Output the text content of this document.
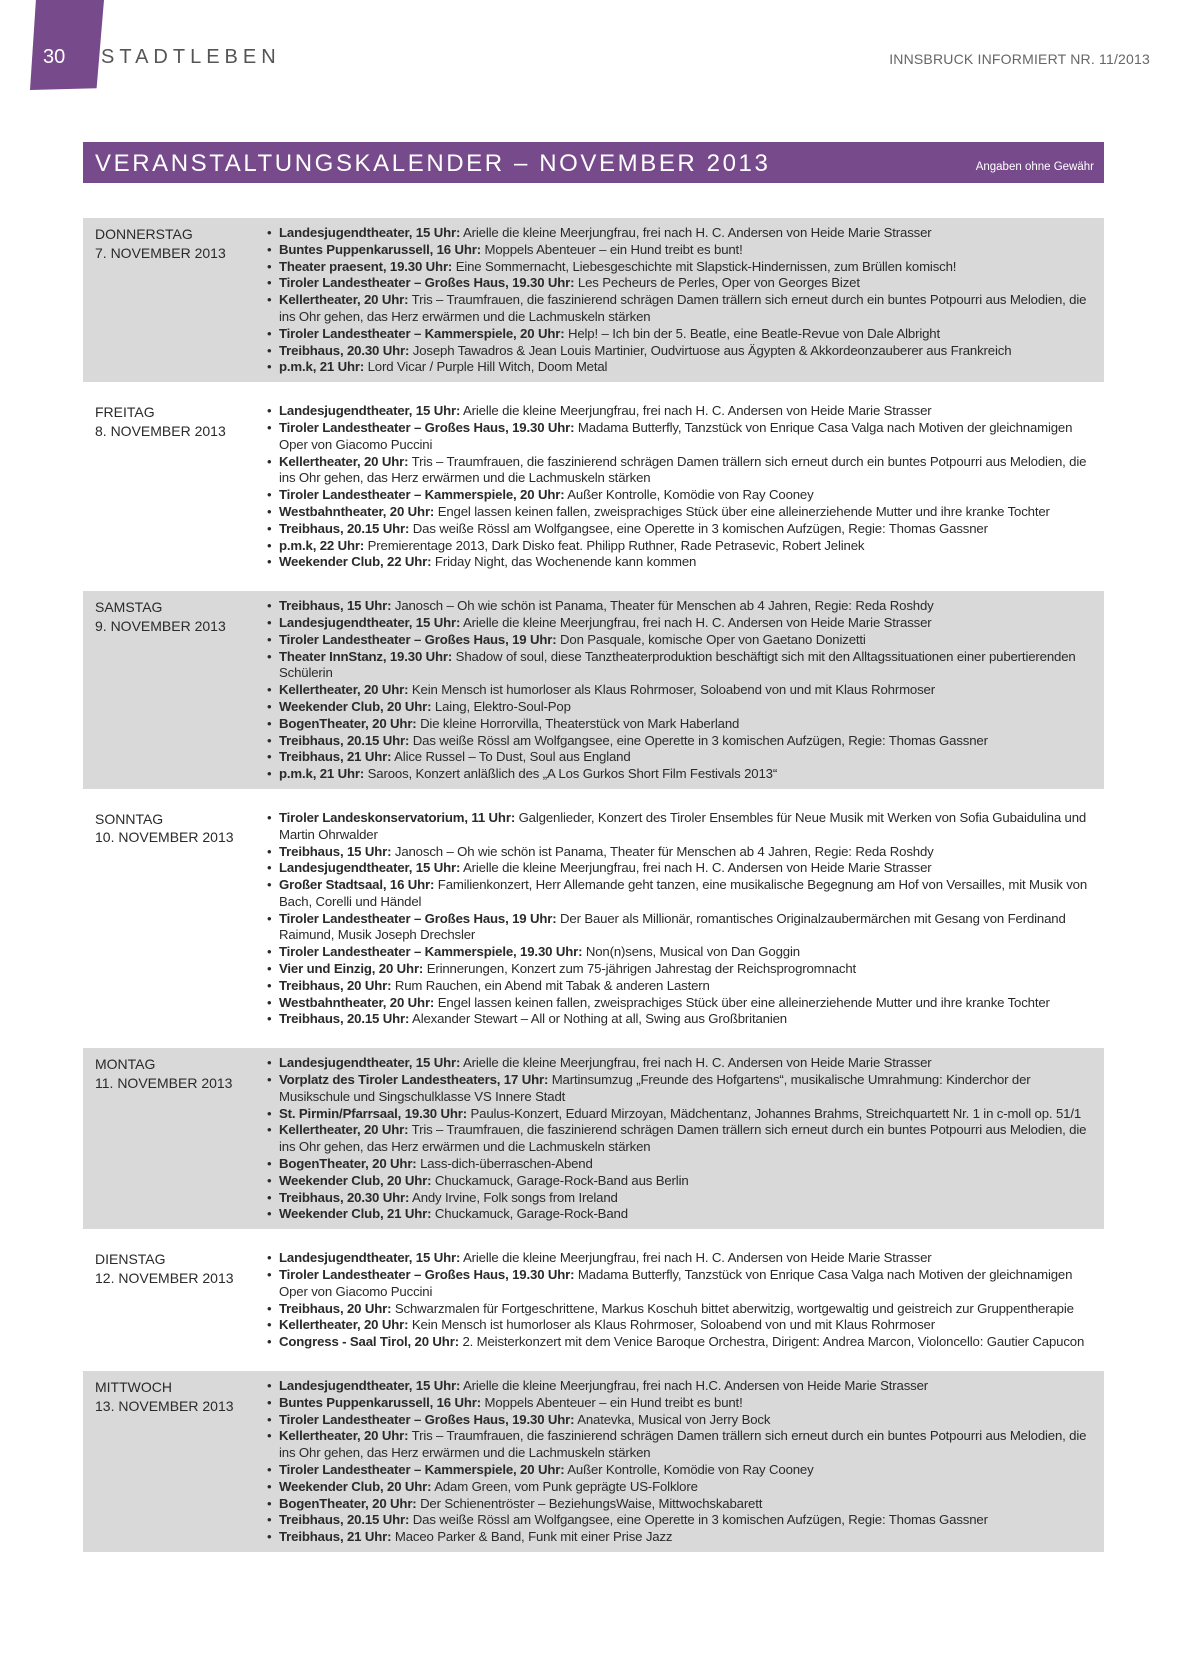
30 STADTLEBEN	INNSBRUCK INFORMIERT NR. 11/2013
VERANSTALTUNGSKALENDER – NOVEMBER 2013	Angaben ohne Gewähr
DONNERSTAG
7. NOVEMBER 2013
• Landesjugendtheater, 15 Uhr: Arielle die kleine Meerjungfrau, frei nach H. C. Andersen von Heide Marie Strasser
• Buntes Puppenkarussell, 16 Uhr: Moppels Abenteuer – ein Hund treibt es bunt!
• Theater praesent, 19.30 Uhr: Eine Sommernacht, Liebesgeschichte mit Slapstick-Hindernissen, zum Brüllen komisch!
• Tiroler Landestheater – Großes Haus, 19.30 Uhr: Les Pecheurs de Perles, Oper von Georges Bizet
• Kellertheater, 20 Uhr: Tris – Traumfrauen, die faszinierend schrägen Damen trällern sich erneut durch ein buntes Potpourri aus Melodien, die ins Ohr gehen, das Herz erwärmen und die Lachmuskeln stärken
• Tiroler Landestheater – Kammerspiele, 20 Uhr: Help! – Ich bin der 5. Beatle, eine Beatle-Revue von Dale Albright
• Treibhaus, 20.30 Uhr: Joseph Tawadros & Jean Louis Martinier, Oudvirtuose aus Ägypten & Akkordeonzauberer aus Frankreich
• p.m.k, 21 Uhr: Lord Vicar / Purple Hill Witch, Doom Metal
FREITAG
8. NOVEMBER 2013
• Landesjugendtheater, 15 Uhr: Arielle die kleine Meerjungfrau, frei nach H. C. Andersen von Heide Marie Strasser
• Tiroler Landestheater – Großes Haus, 19.30 Uhr: Madama Butterfly, Tanzstück von Enrique Casa Valga nach Motiven der gleichnamigen Oper von Giacomo Puccini
• Kellertheater, 20 Uhr: Tris – Traumfrauen, die faszinierend schrägen Damen trällern sich erneut durch ein buntes Potpourri aus Melodien, die ins Ohr gehen, das Herz erwärmen und die Lachmuskeln stärken
• Tiroler Landestheater – Kammerspiele, 20 Uhr: Außer Kontrolle, Komödie von Ray Cooney
• Westbahntheater, 20 Uhr: Engel lassen keinen fallen, zweisprachiges Stück über eine alleinerziehende Mutter und ihre kranke Tochter
• Treibhaus, 20.15 Uhr: Das weiße Rössl am Wolfgangsee, eine Operette in 3 komischen Aufzügen, Regie: Thomas Gassner
• p.m.k, 22 Uhr: Premierentage 2013, Dark Disko feat. Philipp Ruthner, Rade Petrasevic, Robert Jelinek
• Weekender Club, 22 Uhr: Friday Night, das Wochenende kann kommen
SAMSTAG
9. NOVEMBER 2013
• Treibhaus, 15 Uhr: Janosch – Oh wie schön ist Panama, Theater für Menschen ab 4 Jahren, Regie: Reda Roshdy
• Landesjugendtheater, 15 Uhr: Arielle die kleine Meerjungfrau, frei nach H. C. Andersen von Heide Marie Strasser
• Tiroler Landestheater – Großes Haus, 19 Uhr: Don Pasquale, komische Oper von Gaetano Donizetti
• Theater InnStanz, 19.30 Uhr: Shadow of soul, diese Tanztheaterproduktion beschäftigt sich mit den Alltagssituationen einer pubertierenden Schülerin
• Kellertheater, 20 Uhr: Kein Mensch ist humorloser als Klaus Rohrmoser, Soloabend von und mit Klaus Rohrmoser
• Weekender Club, 20 Uhr: Laing, Elektro-Soul-Pop
• BogenTheater, 20 Uhr: Die kleine Horrorvilla, Theaterstück von Mark Haberland
• Treibhaus, 20.15 Uhr: Das weiße Rössl am Wolfgangsee, eine Operette in 3 komischen Aufzügen, Regie: Thomas Gassner
• Treibhaus, 21 Uhr: Alice Russel – To Dust, Soul aus England
• p.m.k, 21 Uhr: Saroos, Konzert anläßlich des „A Los Gurkos Short Film Festivals 2013“
SONNTAG
10. NOVEMBER 2013
• Tiroler Landeskonservatorium, 11 Uhr: Galgenlieder, Konzert des Tiroler Ensembles für Neue Musik mit Werken von Sofia Gubaidulina und Martin Ohrwalder
• Treibhaus, 15 Uhr: Janosch – Oh wie schön ist Panama, Theater für Menschen ab 4 Jahren, Regie: Reda Roshdy
• Landesjugendtheater, 15 Uhr: Arielle die kleine Meerjungfrau, frei nach H. C. Andersen von Heide Marie Strasser
• Großer Stadtsaal, 16 Uhr: Familienkonzert, Herr Allemande geht tanzen, eine musikalische Begegnung am Hof von Versailles, mit Musik von Bach, Corelli und Händel
• Tiroler Landestheater – Großes Haus, 19 Uhr: Der Bauer als Millionär, romantisches Originalzaubermärchen mit Gesang von Ferdinand Raimund, Musik Joseph Drechsler
• Tiroler Landestheater – Kammerspiele, 19.30 Uhr: Non(n)sens, Musical von Dan Goggin
• Vier und Einzig, 20 Uhr: Erinnerungen, Konzert zum 75-jährigen Jahrestag der Reichsprogromnacht
• Treibhaus, 20 Uhr: Rum Rauchen, ein Abend mit Tabak & anderen Lastern
• Westbahntheater, 20 Uhr: Engel lassen keinen fallen, zweisprachiges Stück über eine alleinerziehende Mutter und ihre kranke Tochter
• Treibhaus, 20.15 Uhr: Alexander Stewart – All or Nothing at all, Swing aus Großbritanien
MONTAG
11. NOVEMBER 2013
• Landesjugendtheater, 15 Uhr: Arielle die kleine Meerjungfrau, frei nach H. C. Andersen von Heide Marie Strasser
• Vorplatz des Tiroler Landestheaters, 17 Uhr: Martinsumzug „Freunde des Hofgartens“, musikalische Umrahmung: Kinderchor der Musikschule und Singschulklasse VS Innere Stadt
• St. Pirmin/Pfarrsaal, 19.30 Uhr: Paulus-Konzert, Eduard Mirzoyan, Mädchentanz, Johannes Brahms, Streichquartett Nr. 1 in c-moll op. 51/1
• Kellertheater, 20 Uhr: Tris – Traumfrauen, die faszinierend schrägen Damen trällern sich erneut durch ein buntes Potpourri aus Melodien, die ins Ohr gehen, das Herz erwärmen und die Lachmuskeln stärken
• BogenTheater, 20 Uhr: Lass-dich-überraschen-Abend
• Weekender Club, 20 Uhr: Chuckamuck, Garage-Rock-Band aus Berlin
• Treibhaus, 20.30 Uhr: Andy Irvine, Folk songs from Ireland
• Weekender Club, 21 Uhr: Chuckamuck, Garage-Rock-Band
DIENSTAG
12. NOVEMBER 2013
• Landesjugendtheater, 15 Uhr: Arielle die kleine Meerjungfrau, frei nach H. C. Andersen von Heide Marie Strasser
• Tiroler Landestheater – Großes Haus, 19.30 Uhr: Madama Butterfly, Tanzstück von Enrique Casa Valga nach Motiven der gleichnamigen Oper von Giacomo Puccini
• Treibhaus, 20 Uhr: Schwarzmalen für Fortgeschrittene, Markus Koschuh bittet aberwitzig, wortgewaltig und geistreich zur Gruppentherapie
• Kellertheater, 20 Uhr: Kein Mensch ist humorloser als Klaus Rohrmoser, Soloabend von und mit Klaus Rohrmoser
• Congress - Saal Tirol, 20 Uhr: 2. Meisterkonzert mit dem Venice Baroque Orchestra, Dirigent: Andrea Marcon, Violoncello: Gautier Capucon
MITTWOCH
13. NOVEMBER 2013
• Landesjugendtheater, 15 Uhr: Arielle die kleine Meerjungfrau, frei nach H.C. Andersen von Heide Marie Strasser
• Buntes Puppenkarussell, 16 Uhr: Moppels Abenteuer – ein Hund treibt es bunt!
• Tiroler Landestheater – Großes Haus, 19.30 Uhr: Anatevka, Musical von Jerry Bock
• Kellertheater, 20 Uhr: Tris – Traumfrauen, die faszinierend schrägen Damen trällern sich erneut durch ein buntes Potpourri aus Melodien, die ins Ohr gehen, das Herz erwärmen und die Lachmuskeln stärken
• Tiroler Landestheater – Kammerspiele, 20 Uhr: Außer Kontrolle, Komödie von Ray Cooney
• Weekender Club, 20 Uhr: Adam Green, vom Punk geprägte US-Folklore
• BogenTheater, 20 Uhr: Der Schienentröster – BeziehungsWaise, Mittwochskabarett
• Treibhaus, 20.15 Uhr: Das weiße Rössl am Wolfgangsee, eine Operette in 3 komischen Aufzügen, Regie: Thomas Gassner
• Treibhaus, 21 Uhr: Maceo Parker & Band, Funk mit einer Prise Jazz
